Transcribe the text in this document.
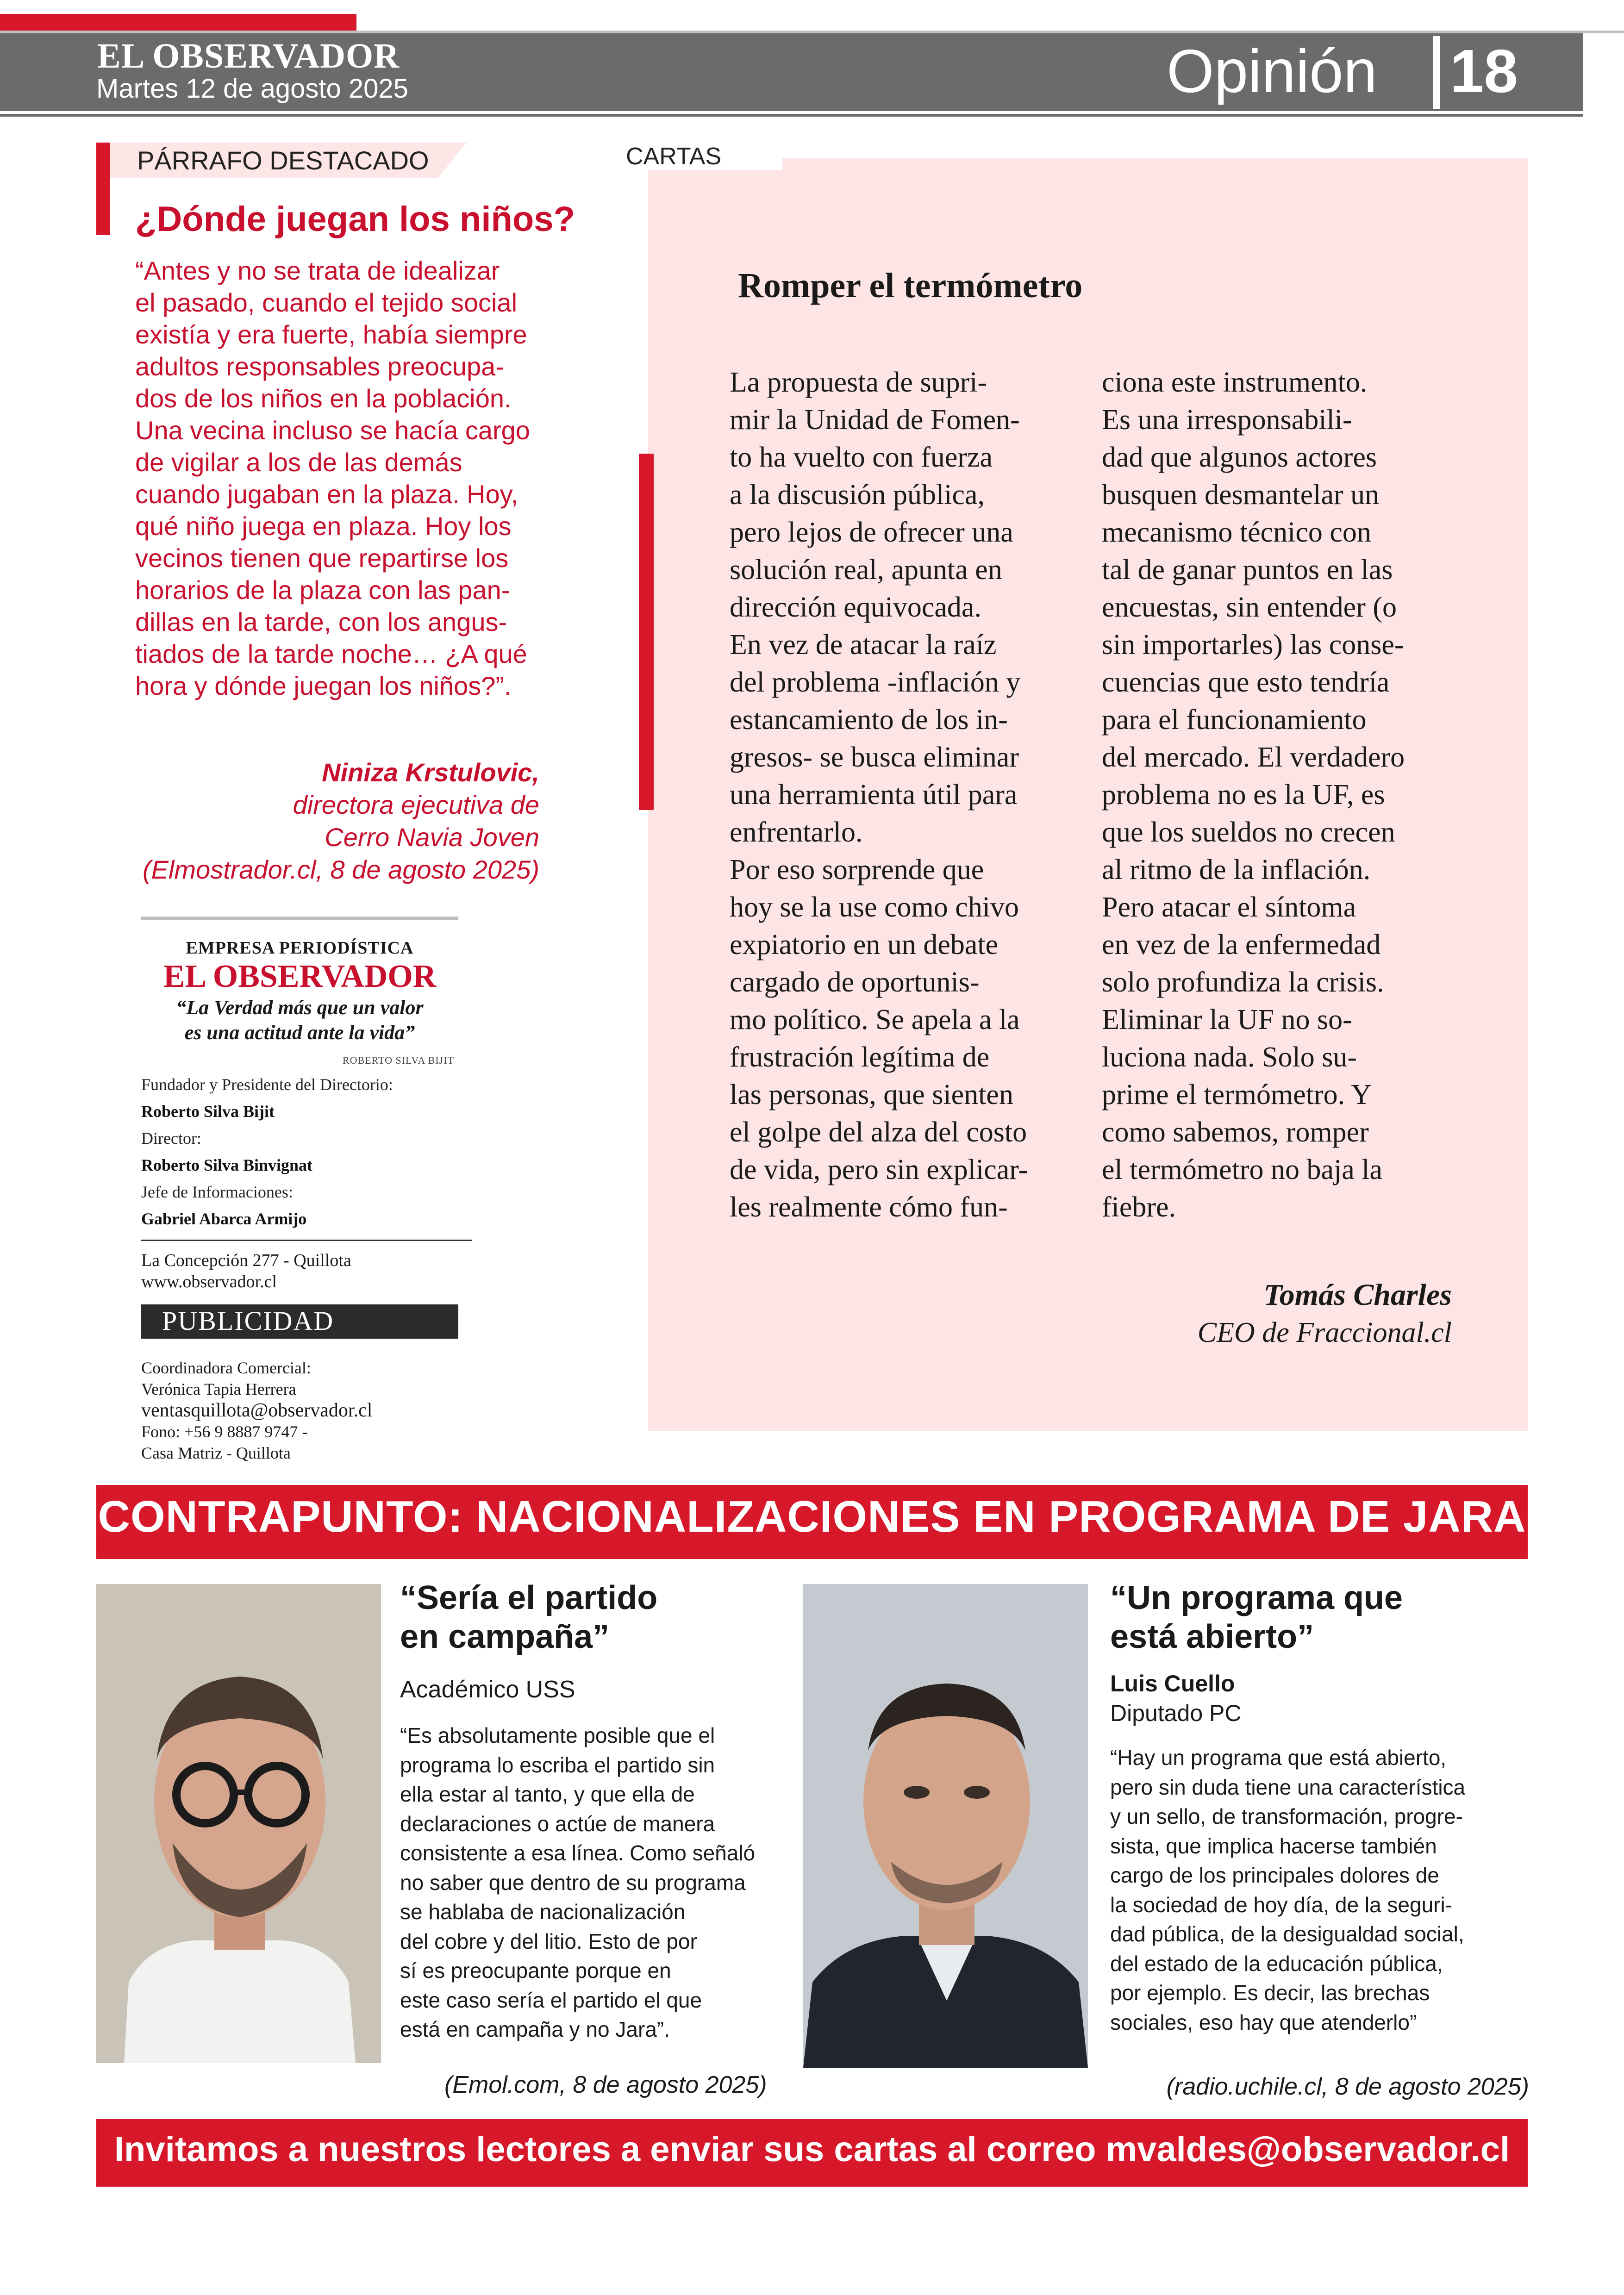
EL OBSERVADOR
Martes 12 de agosto 2025	Opinión 18
PÁRRAFO DESTACADO
¿Dónde juegan los niños?
“Antes y no se trata de idealizar
el pasado, cuando el tejido social
existía y era fuerte, había siempre
adultos responsables preocupa-
dos de los niños en la población.
Una vecina incluso se hacía cargo
de vigilar a los de las demás
cuando jugaban en la plaza. Hoy,
qué niño juega en plaza. Hoy los
vecinos tienen que repartirse los
horarios de la plaza con las pan-
dillas en la tarde, con los angus-
tiados de la tarde noche… ¿A qué
hora y dónde juegan los niños?”.
Niniza Krstulovic,
directora ejecutiva de
Cerro Navia Joven
(Elmostrador.cl, 8 de agosto 2025)
EMPRESA PERIODÍSTICA
EL OBSERVADOR
“La Verdad más que un valor
es una actitud ante la vida”
ROBERTO SILVA BIJIT
Fundador y Presidente del Directorio:
Roberto Silva Bijit
Director:
Roberto Silva Binvignat
Jefe de Informaciones:
Gabriel Abarca Armijo
La Concepción 277 - Quillota
www.observador.cl
PUBLICIDAD
Coordinadora Comercial:
Verónica Tapia Herrera
ventasquillota@observador.cl
Fono: +56 9 8887 9747 -
Casa Matriz - Quillota
CARTAS
Romper el termómetro
La propuesta de supri-
mir la Unidad de Fomen-
to ha vuelto con fuerza
a la discusión pública,
pero lejos de ofrecer una
solución real, apunta en
dirección equivocada.
En vez de atacar la raíz
del problema -inflación y
estancamiento de los in-
gresos- se busca eliminar
una herramienta útil para
enfrentarlo.
Por eso sorprende que
hoy se la use como chivo
expiatorio en un debate
cargado de oportunis-
mo político. Se apela a la
frustración legítima de
las personas, que sienten
el golpe del alza del costo
de vida, pero sin explicar-
les realmente cómo fun-
ciona este instrumento.
Es una irresponsabili-
dad que algunos actores
busquen desmantelar un
mecanismo técnico con
tal de ganar puntos en las
encuestas, sin entender (o
sin importarles) las conse-
cuencias que esto tendría
para el funcionamiento
del mercado. El verdadero
problema no es la UF, es
que los sueldos no crecen
al ritmo de la inflación.
Pero atacar el síntoma
en vez de la enfermedad
solo profundiza la crisis.
Eliminar la UF no so-
luciona nada. Solo su-
prime el termómetro. Y
como sabemos, romper
el termómetro no baja la
fiebre.
Tomás Charles
CEO de Fraccional.cl
CONTRAPUNTO: NACIONALIZACIONES EN PROGRAMA DE JARA
“Sería el partido
en campaña”
Académico USS
“Es absolutamente posible que el
programa lo escriba el partido sin
ella estar al tanto, y que ella de
declaraciones o actúe de manera
consistente a esa línea. Como señaló
no saber que dentro de su programa
se hablaba de nacionalización
del cobre y del litio. Esto de por
sí es preocupante porque en
este caso sería el partido el que
está en campaña y no Jara”.
(Emol.com, 8 de agosto 2025)
“Un programa que
está abierto”
Luis Cuello
Diputado PC
“Hay un programa que está abierto,
pero sin duda tiene una característica
y un sello, de transformación, progre-
sista, que implica hacerse también
cargo de los principales dolores de
la sociedad de hoy día, de la seguri-
dad pública, de la desigualdad social,
del estado de la educación pública,
por ejemplo. Es decir, las brechas
sociales, eso hay que atenderlo”
(radio.uchile.cl, 8 de agosto 2025)
Invitamos a nuestros lectores a enviar sus cartas al correo mvaldes@observador.cl
